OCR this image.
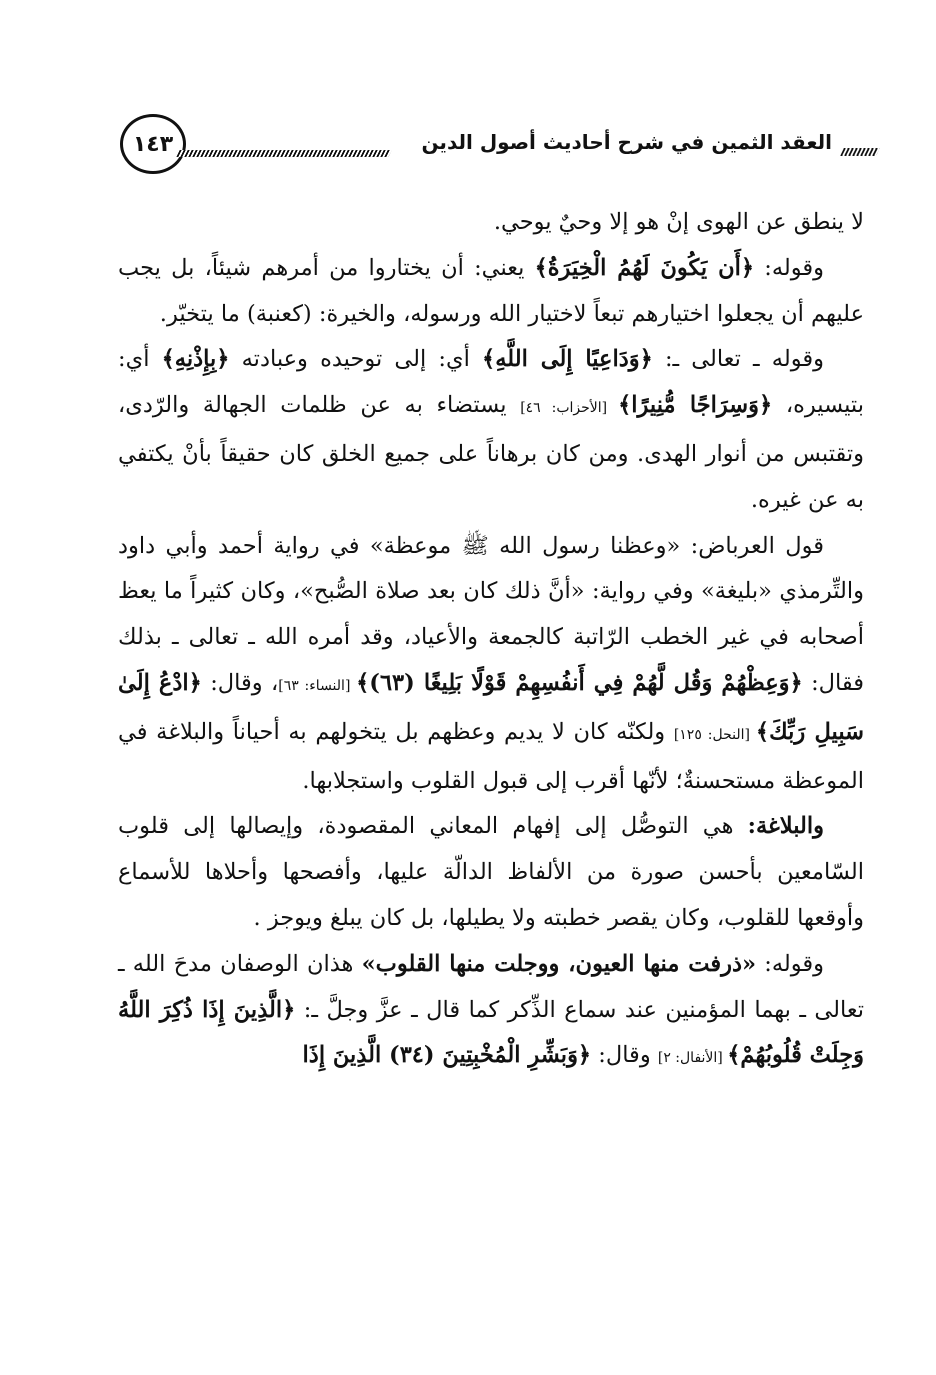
١٤٣	العقد الثمين في شرح أحاديث أصول الدين

لا ينطق عن الهوى إنْ هو إلا وحيٌ يوحي.

وقوله: ﴿أَن يَكُونَ لَهُمُ الْخِيَرَةُ﴾ يعني: أن يختاروا من أمرهم شيئاً، بل يجب عليهم أن يجعلوا اختيارهم تبعاً لاختيار الله ورسوله، والخيرة: (كعنبة) ما يتخيّر.

وقوله ـ تعالى ـ: ﴿وَدَاعِيًا إِلَى اللَّهِ﴾ أي: إلى توحيده وعبادته ﴿بِإِذْنِهِ﴾ أي: بتيسيره، ﴿وَسِرَاجًا مُّنِيرًا﴾ [الأحزاب: ٤٦] يستضاء به عن ظلمات الجهالة والرّدى، وتقتبس من أنوار الهدى. ومن كان برهاناً على جميع الخلق كان حقيقاً بأنْ يكتفي به عن غيره.

قول العرباض: «وعظنا رسول الله ﷺ موعظة» في رواية أحمد وأبي داود والتِّرمذي «بليغة» وفي رواية: «أنَّ ذلك كان بعد صلاة الصُّبح»، وكان كثيراً ما يعظ أصحابه في غير الخطب الرّاتبة كالجمعة والأعياد، وقد أمره الله ـ تعالى ـ بذلك فقال: ﴿وَعِظْهُمْ وَقُل لَّهُمْ فِي أَنفُسِهِمْ قَوْلًا بَلِيغًا (٦٣)﴾ [النساء: ٦٣]، وقال: ﴿ادْعُ إِلَىٰ سَبِيلِ رَبِّكَ﴾ [النحل: ١٢٥] ولكنّه كان لا يديم وعظهم بل يتخولهم به أحياناً والبلاغة في الموعظة مستحسنةٌ؛ لأنّها أقرب إلى قبول القلوب واستجلابها.

والبلاغة: هي التوصُّل إلى إفهام المعاني المقصودة، وإيصالها إلى قلوب السّامعين بأحسن صورة من الألفاظ الدالّة عليها، وأفصحها وأحلاها للأسماع وأوقعها للقلوب، وكان يقصر خطبته ولا يطيلها، بل كان يبلغ ويوجز .

وقوله: «ذرفت منها العيون، ووجلت منها القلوب» هذان الوصفان مدحَ الله ـ تعالى ـ بهما المؤمنين عند سماع الذِّكر كما قال ـ عزَّ وجلَّ ـ: ﴿الَّذِينَ إِذَا ذُكِرَ اللَّهُ وَجِلَتْ قُلُوبُهُمْ﴾ [الأنفال: ٢] وقال: ﴿وَبَشِّرِ الْمُخْبِتِينَ (٣٤) الَّذِينَ إِذَا
